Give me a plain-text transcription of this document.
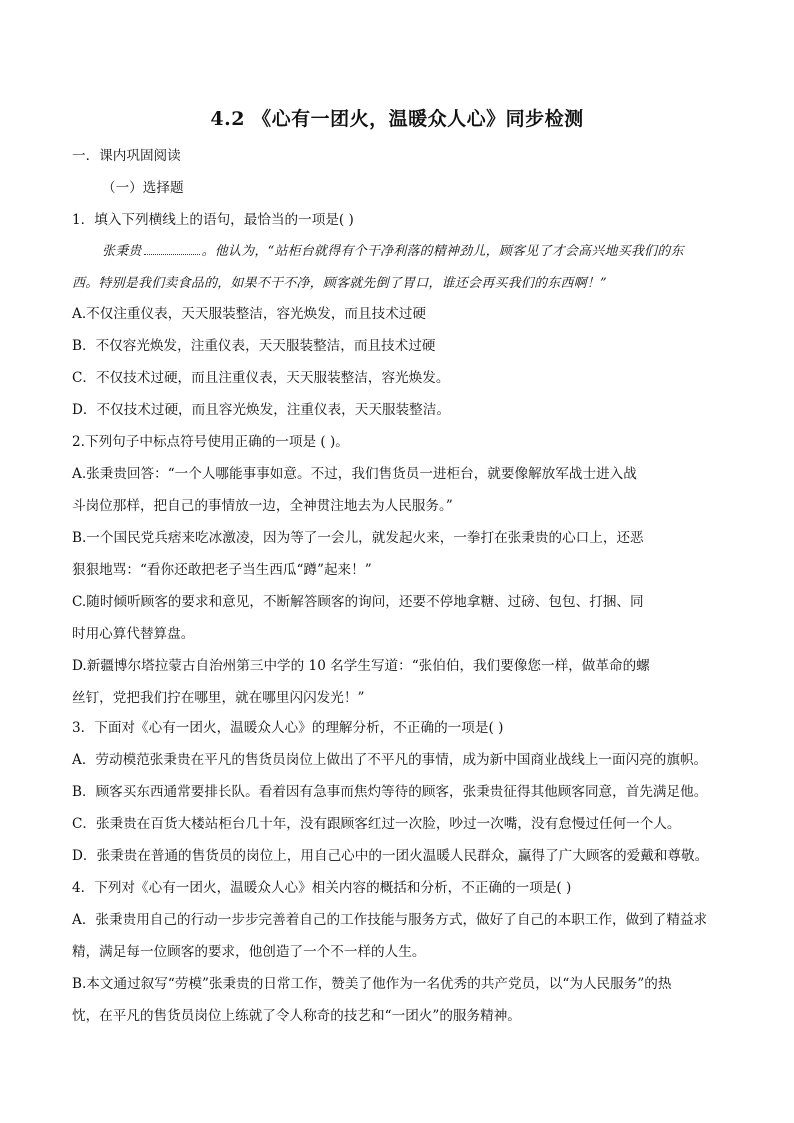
4.2 《心有一团火，温暖众人心》同步检测
一．课内巩固阅读
（一）选择题
1．填入下列横线上的语句，最恰当的一项是( )
张秉贵	。他认为，“站柜台就得有个干净利落的精神劲儿，顾客见了才会高兴地买我们的东
西。特别是我们卖食品的，如果不干不净，顾客就先倒了胃口，谁还会再买我们的东西啊！”
A.不仅注重仪表，天天服装整洁，容光焕发，而且技术过硬
B．不仅容光焕发，注重仪表，天天服装整洁，而且技术过硬
C．不仅技术过硬，而且注重仪表，天天服装整洁，容光焕发。
D．不仅技术过硬，而且容光焕发，注重仪表，天天服装整洁。
2.下列句子中标点符号使用正确的一项是 ( )。
A.张秉贵回答：“一个人哪能事事如意。不过，我们售货员一进柜台，就要像解放军战士进入战
斗岗位那样，把自己的事情放一边，全神贯注地去为人民服务。”
B.一个国民党兵痞来吃冰激凌，因为等了一会儿，就发起火来，一拳打在张秉贵的心口上，还恶
狠狠地骂：“看你还敢把老子当生西瓜“蹲”起来！”
C.随时倾听顾客的要求和意见，不断解答顾客的询问，还要不停地拿糖、过磅、包包、打捆、同
时用心算代替算盘。
D.新疆博尔塔拉蒙古自治州第三中学的 10 名学生写道：“张伯伯，我们要像您一样，做革命的螺
丝钉，党把我们拧在哪里，就在哪里闪闪发光！”
3．下面对《心有一团火，温暖众人心》的理解分析，不正确的一项是( )
A．劳动模范张秉贵在平凡的售货员岗位上做出了不平凡的事情，成为新中国商业战线上一面闪亮的旗帜。
B．顾客买东西通常要排长队。看着因有急事而焦灼等待的顾客，张秉贵征得其他顾客同意，首先满足他。
C．张秉贵在百货大楼站柜台几十年，没有跟顾客红过一次脸，吵过一次嘴，没有怠慢过任何一个人。
D．张秉贵在普通的售货员的岗位上，用自己心中的一团火温暖人民群众，赢得了广大顾客的爱戴和尊敬。
4．下列对《心有一团火，温暖众人心》相关内容的概括和分析，不正确的一项是( )
A．张秉贵用自己的行动一步步完善着自己的工作技能与服务方式，做好了自己的本职工作，做到了精益求
精，满足每一位顾客的要求，他创造了一个不一样的人生。
B.本文通过叙写“劳模”张秉贵的日常工作，赞美了他作为一名优秀的共产党员，以“为人民服务”的热
忱，在平凡的售货员岗位上练就了令人称奇的技艺和“一团火”的服务精神。
